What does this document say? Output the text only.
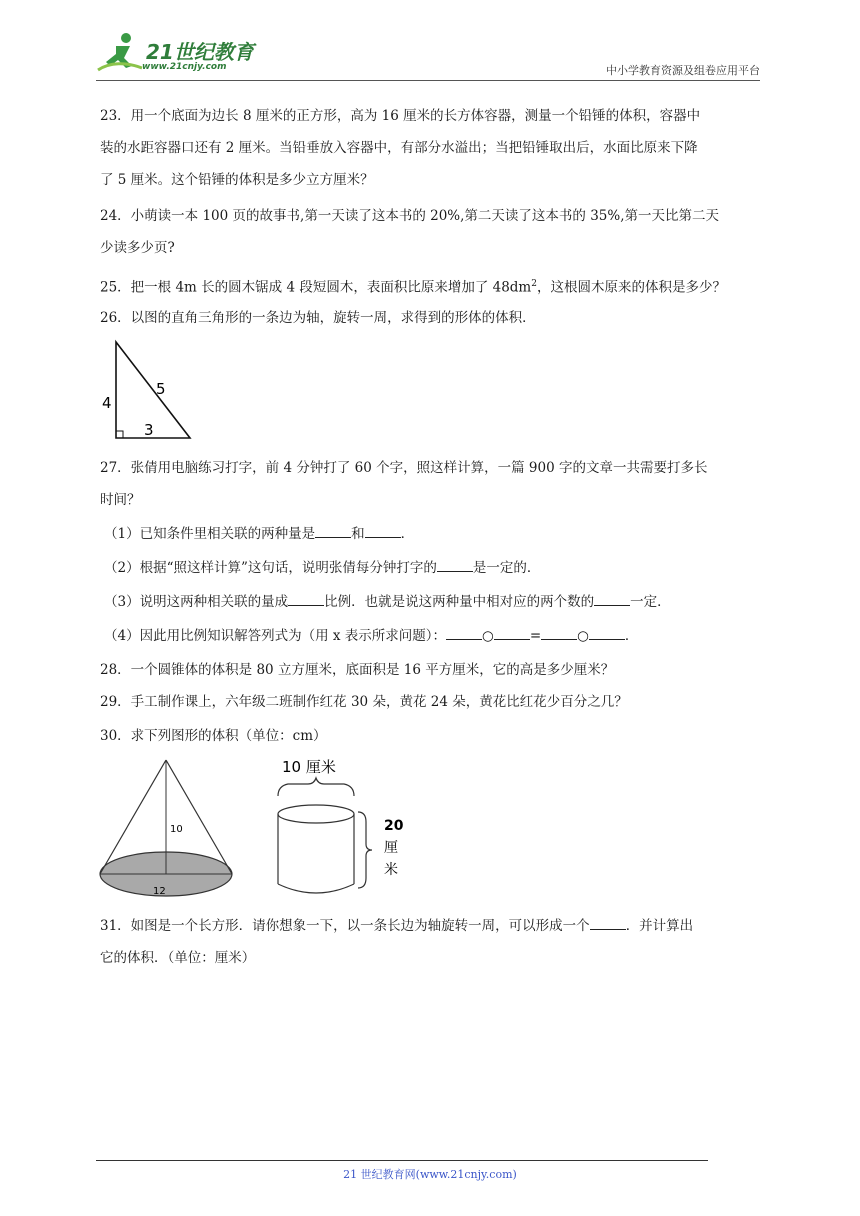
21世纪教育
www.21cnjy.com	中小学教育资源及组卷应用平台
23．用一个底面为边长 8 厘米的正方形，高为 16 厘米的长方体容器，测量一个铅锤的体积，容器中
装的水距容器口还有 2 厘米。当铅垂放入容器中，有部分水溢出；当把铅锤取出后，水面比原来下降
了 5 厘米。这个铅锤的体积是多少立方厘米？
24．小萌读一本 100 页的故事书,第一天读了这本书的 20%,第二天读了这本书的 35%,第一天比第二天
少读多少页?
25．把一根 4m 长的圆木锯成 4 段短圆木，表面积比原来增加了 $48dm^2$，这根圆木原来的体积是多少？
26．以图的直角三角形的一条边为轴，旋转一周，求得到的形体的体积．
4
3
5
27．张倩用电脑练习打字，前 4 分钟打了 60 个字，照这样计算，一篇 900 字的文章一共需要打多长
时间？
（1）已知条件里相关联的两种量是	和	．
（2）根据“照这样计算”这句话，说明张倩每分钟打字的	是一定的．
（3）说明这两种相关联的量成	比例．也就是说这两种量中相对应的两个数的	一定．
（4）因此用比例知识解答列式为（用 x 表示所求问题）：	○	=	○	．
28．一个圆锥体的体积是 80 立方厘米，底面积是 16 平方厘米，它的高是多少厘米？
29．手工制作课上，六年级二班制作红花 30 朵，黄花 24 朵，黄花比红花少百分之几？
30．求下列图形的体积（单位：cm）
10
12
10 厘米
20
厘
米
31．如图是一个长方形．请你想象一下，以一条长边为轴旋转一周，可以形成一个	．并计算出
它的体积．（单位：厘米）
21 世纪教育网(www.21cnjy.com)
